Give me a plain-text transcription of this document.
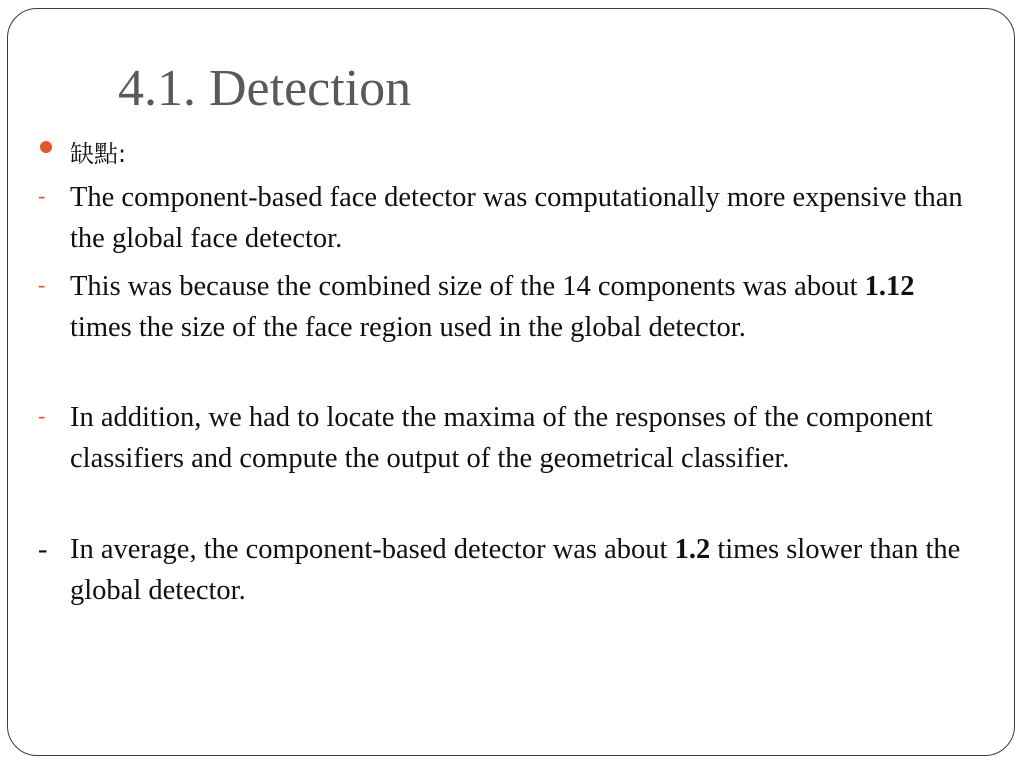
4.1. Detection
缺點:
- The component-based face detector was computationally more expensive than the global face detector.
- This was because the combined size of the 14 components was about 1.12 times the size of the face region used in the global detector.
- In addition, we had to locate the maxima of the responses of the component classifiers and compute the output of the geometrical classifier.
- In average, the component-based detector was about 1.2 times slower than the global detector.
